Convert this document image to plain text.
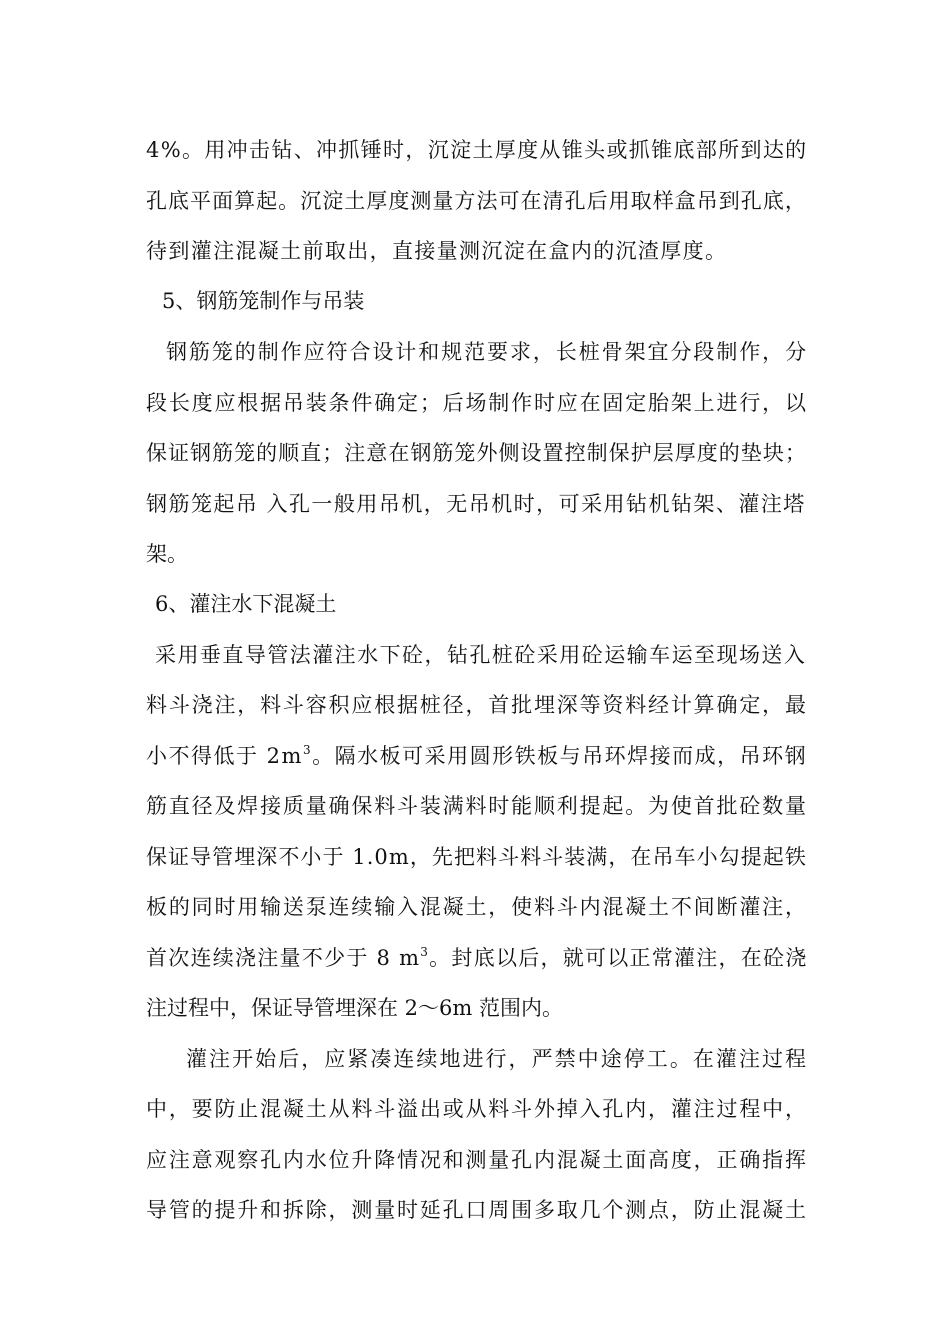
4%。用冲击钻、冲抓锤时，沉淀土厚度从锥头或抓锥底部所到达的
孔底平面算起。沉淀土厚度测量方法可在清孔后用取样盒吊到孔底，
待到灌注混凝土前取出，直接量测沉淀在盒内的沉渣厚度。
5、钢筋笼制作与吊装
钢筋笼的制作应符合设计和规范要求，长桩骨架宜分段制作，分
段长度应根据吊装条件确定；后场制作时应在固定胎架上进行，以
保证钢筋笼的顺直；注意在钢筋笼外侧设置控制保护层厚度的垫块；
钢筋笼起吊 入孔一般用吊机，无吊机时，可采用钻机钻架、灌注塔
架。
6、灌注水下混凝土
采用垂直导管法灌注水下砼，钻孔桩砼采用砼运输车运至现场送入
料斗浇注，料斗容积应根据桩径，首批埋深等资料经计算确定，最
小不得低于 $2m^3$。隔水板可采用圆形铁板与吊环焊接而成，吊环钢
筋直径及焊接质量确保料斗装满料时能顺利提起。为使首批砼数量
保证导管埋深不小于 1.0m，先把料斗料斗装满，在吊车小勾提起铁
板的同时用输送泵连续输入混凝土，使料斗内混凝土不间断灌注，
首次连续浇注量不少于 8 $m^3$。封底以后，就可以正常灌注，在砼浇
注过程中，保证导管埋深在 2～6m 范围内。
灌注开始后，应紧凑连续地进行，严禁中途停工。在灌注过程
中，要防止混凝土从料斗溢出或从料斗外掉入孔内，灌注过程中，
应注意观察孔内水位升降情况和测量孔内混凝土面高度，正确指挥
导管的提升和拆除，测量时延孔口周围多取几个测点，防止混凝土
